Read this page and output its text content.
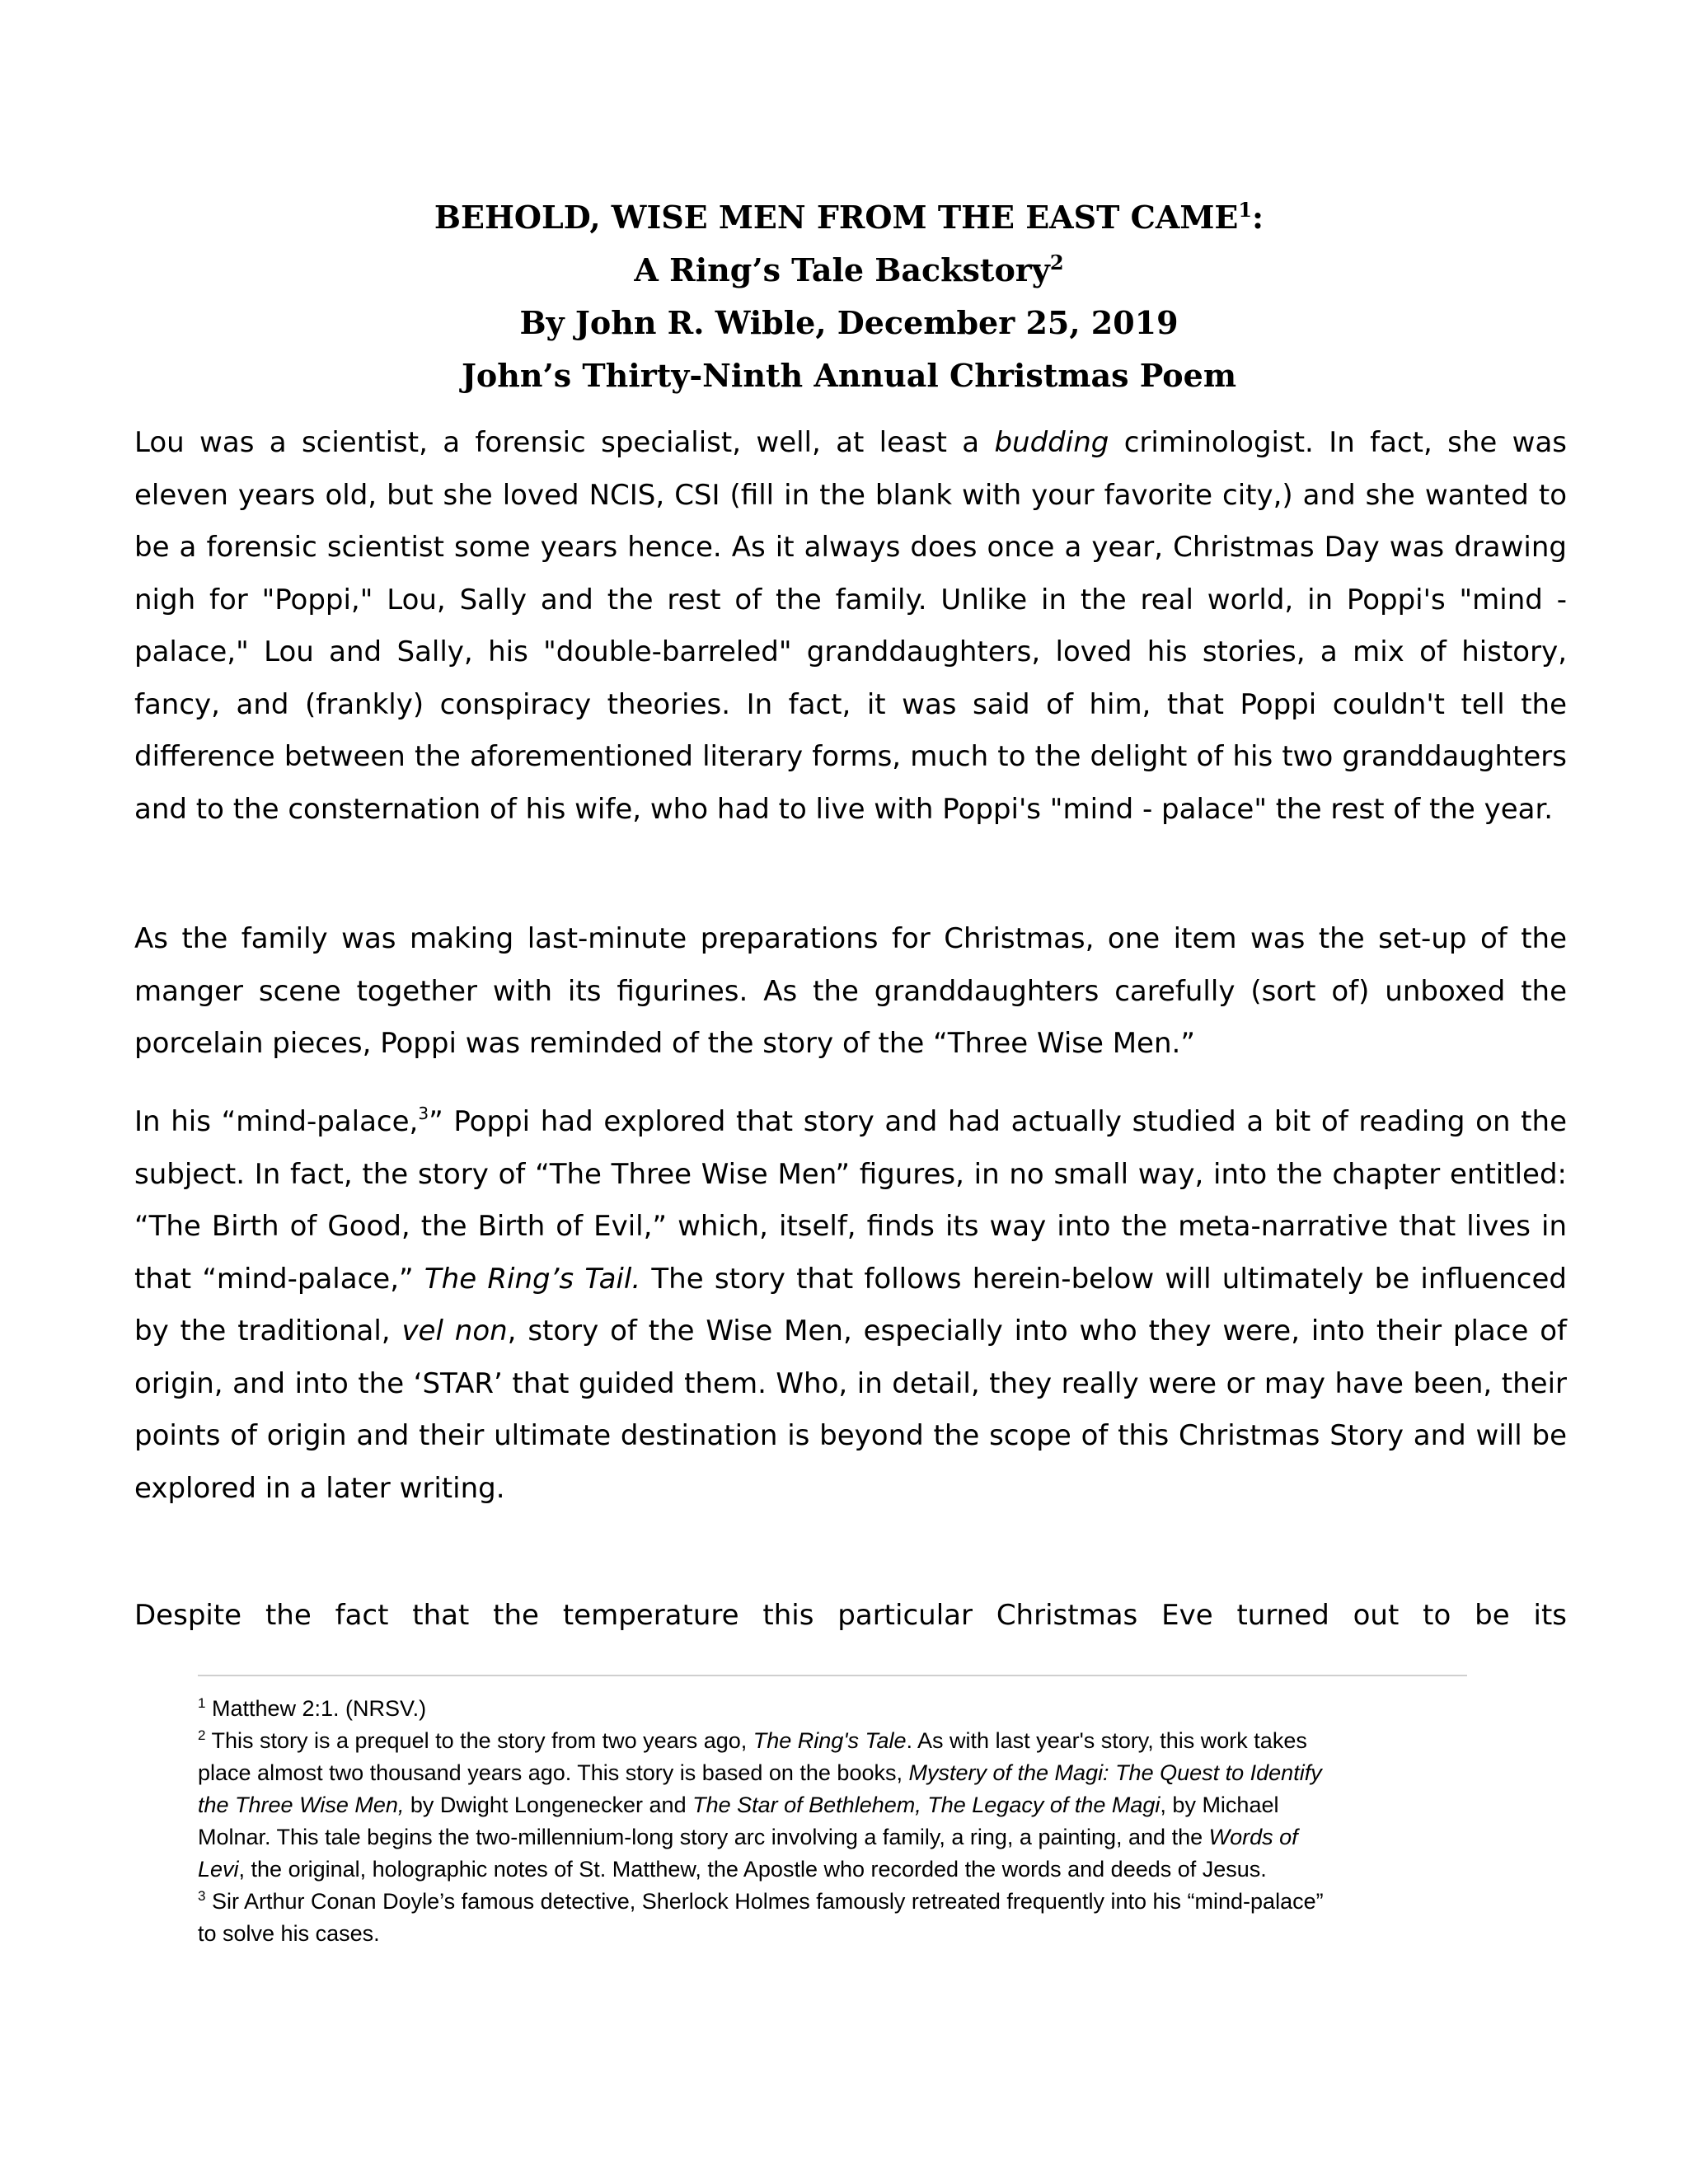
BEHOLD, WISE MEN FROM THE EAST CAME$^1$:
A Ring’s Tale Backstory$^2$
By John R. Wible, December 25, 2019
John’s Thirty-Ninth Annual Christmas Poem

Lou was a scientist, a forensic specialist, well, at least a budding criminologist. In fact, she was eleven years old, but she loved NCIS, CSI (fill in the blank with your favorite city,) and she wanted to be a forensic scientist some years hence. As it always does once a year, Christmas Day was drawing nigh for "Poppi," Lou, Sally and the rest of the family. Unlike in the real world, in Poppi's "mind - palace," Lou and Sally, his "double-barreled" granddaughters, loved his stories, a mix of history, fancy, and (frankly) conspiracy theories. In fact, it was said of him, that Poppi couldn't tell the difference between the aforementioned literary forms, much to the delight of his two granddaughters and to the consternation of his wife, who had to live with Poppi's "mind - palace" the rest of the year.

As the family was making last-minute preparations for Christmas, one item was the set-up of the manger scene together with its figurines. As the granddaughters carefully (sort of) unboxed the porcelain pieces, Poppi was reminded of the story of the “Three Wise Men.”

In his “mind-palace,$^3$” Poppi had explored that story and had actually studied a bit of reading on the subject. In fact, the story of “The Three Wise Men” figures, in no small way, into the chapter entitled: “The Birth of Good, the Birth of Evil,” which, itself, finds its way into the meta-narrative that lives in that “mind-palace,” The Ring’s Tail. The story that follows herein-below will ultimately be influenced by the traditional, vel non, story of the Wise Men, especially into who they were, into their place of origin, and into the ‘STAR’ that guided them. Who, in detail, they really were or may have been, their points of origin and their ultimate destination is beyond the scope of this Christmas Story and will be explored in a later writing.

Despite the fact that the temperature this particular Christmas Eve turned out to be its

$^1$ Matthew 2:1. (NRSV.)

$^2$ This story is a prequel to the story from two years ago, The Ring's Tale. As with last year's story, this work takes
place almost two thousand years ago. This story is based on the books, Mystery of the Magi: The Quest to Identify
the Three Wise Men, by Dwight Longenecker and The Star of Bethlehem, The Legacy of the Magi, by Michael
Molnar. This tale begins the two-millennium-long story arc involving a family, a ring, a painting, and the Words of
Levi, the original, holographic notes of St. Matthew, the Apostle who recorded the words and deeds of Jesus.

$^3$ Sir Arthur Conan Doyle’s famous detective, Sherlock Holmes famously retreated frequently into his “mind-palace”
to solve his cases.
